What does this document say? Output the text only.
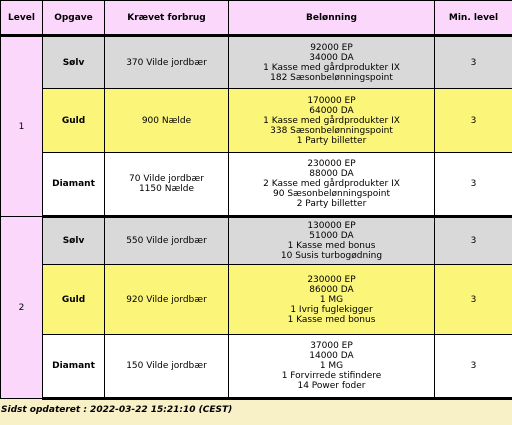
Level	Opgave	Krævet forbrug	Belønning	Min. level
1	Sølv	370 Vilde jordbær	92000 EP
34000 DA
1 Kasse med gårdprodukter IX
182 Sæsonbelønningspoint	3
	Guld	900 Nælde	170000 EP
64000 DA
1 Kasse med gårdprodukter IX
338 Sæsonbelønningspoint
1 Party billetter	3
	Diamant	70 Vilde jordbær
1150 Nælde	230000 EP
88000 DA
2 Kasse med gårdprodukter IX
90 Sæsonbelønningspoint
2 Party billetter	3
2	Sølv	550 Vilde jordbær	130000 EP
51000 DA
1 Kasse med bonus
10 Susis turbogødning	3
	Guld	920 Vilde jordbær	230000 EP
86000 DA
1 MG
1 Ivrig fuglekigger
1 Kasse med bonus	3
	Diamant	150 Vilde jordbær	37000 EP
14000 DA
1 MG
1 Forvirrede stifindere
14 Power foder	3
Sidst opdateret : 2022-03-22 15:21:10 (CEST)
